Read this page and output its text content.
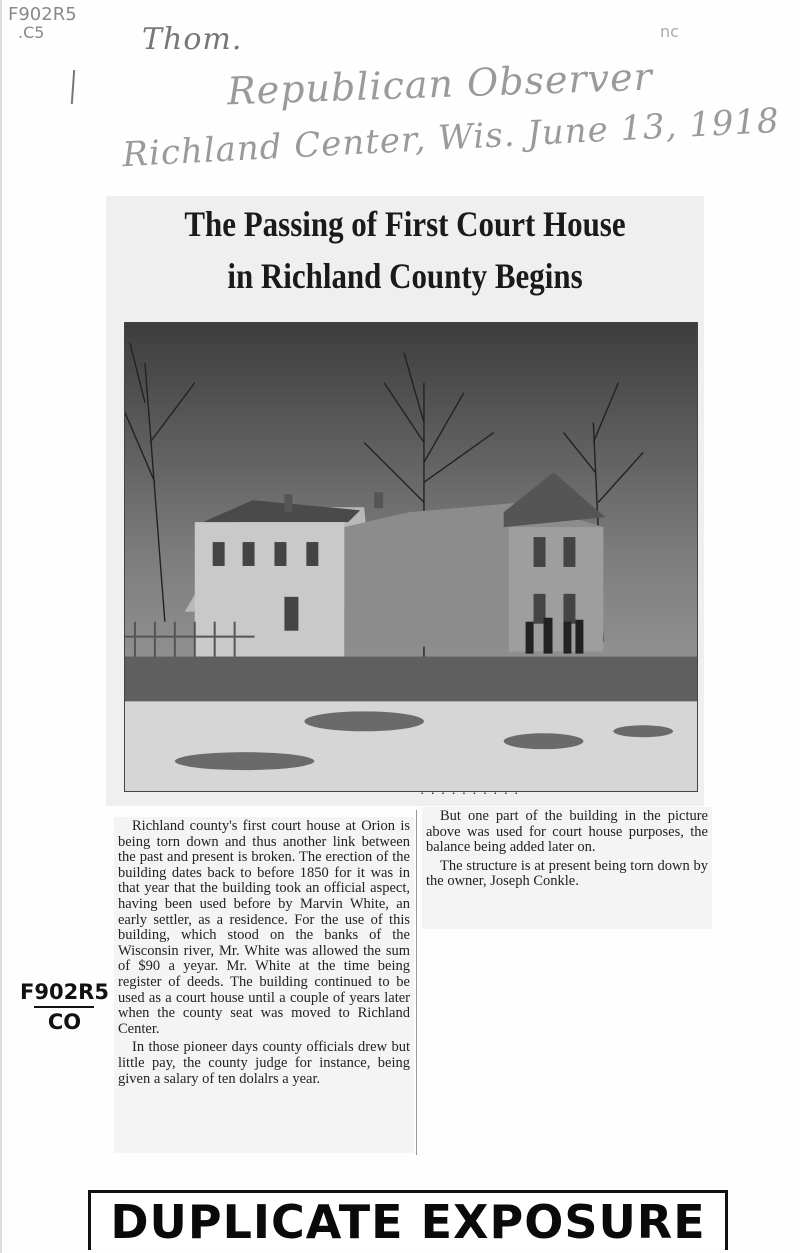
F902R5
.C5	nc
Thom.
Republican Observer
Richland Center, Wis. June 13, 1918
The Passing of First Court House
in Richland County Begins
⋅⋅⋅⋅⋅⋅⋅⋅⋅⋅

Richland county's first court house at Orion is being torn down and thus another link between the past and present is broken. The erection of the building dates back to before 1850 for it was in that year that the building took an official aspect, having been used before by Marvin White, an early settler, as a residence. For the use of this building, which stood on the banks of the Wisconsin river, Mr. White was allowed the sum of $90 a yeyar. Mr. White at the time being register of deeds. The building continued to be used as a court house until a couple of years later when the county seat was moved to Richland Center.

In those pioneer days county officials drew but little pay, the county judge for instance, being given a salary of ten dolalrs a year.

But one part of the building in the picture above was used for court house purposes, the balance being added later on.

The structure is at present being torn down by the owner, Joseph Conkle.

F902R5
CO
DUPLICATE EXPOSURE
